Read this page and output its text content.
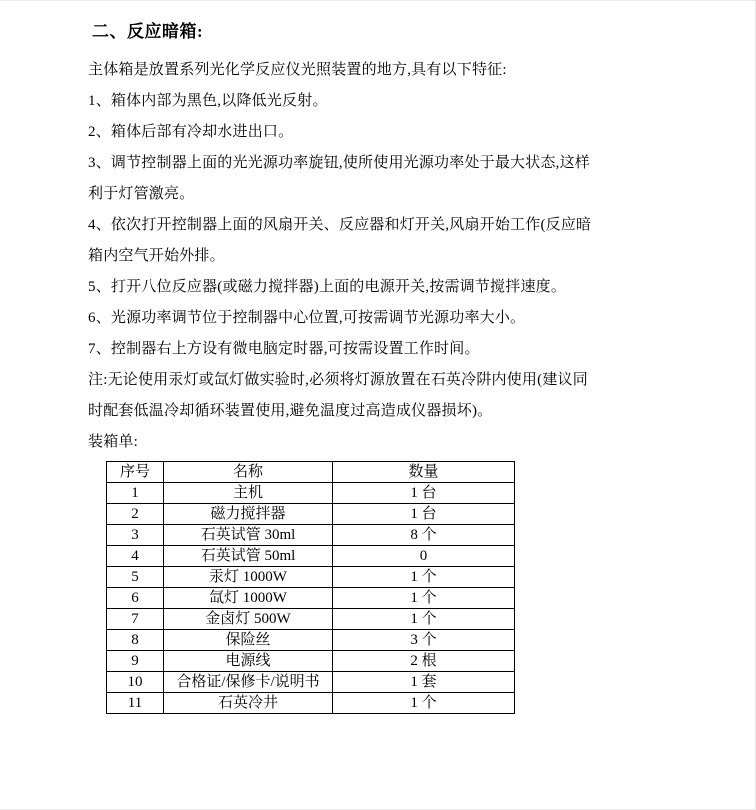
二、反应暗箱:
主体箱是放置系列光化学反应仪光照装置的地方,具有以下特征:
1、箱体内部为黑色,以降低光反射。
2、箱体后部有冷却水进出口。
3、调节控制器上面的光光源功率旋钮,使所使用光源功率处于最大状态,这样
利于灯管激亮。
4、依次打开控制器上面的风扇开关、反应器和灯开关,风扇开始工作(反应暗
箱内空气开始外排。
5、打开八位反应器(或磁力搅拌器)上面的电源开关,按需调节搅拌速度。
6、光源功率调节位于控制器中心位置,可按需调节光源功率大小。
7、控制器右上方设有微电脑定时器,可按需设置工作时间。
注:无论使用汞灯或氙灯做实验时,必须将灯源放置在石英冷阱内使用(建议同
时配套低温冷却循环装置使用,避免温度过高造成仪器损坏)。
装箱单:
序号	名称	数量
1	主机	1 台
2	磁力搅拌器	1 台
3	石英试管 30ml	8 个
4	石英试管 50ml	0
5	汞灯 1000W	1 个
6	氙灯 1000W	1 个
7	金卤灯 500W	1 个
8	保险丝	3 个
9	电源线	2 根
10	合格证/保修卡/说明书	1 套
11	石英冷井	1 个
